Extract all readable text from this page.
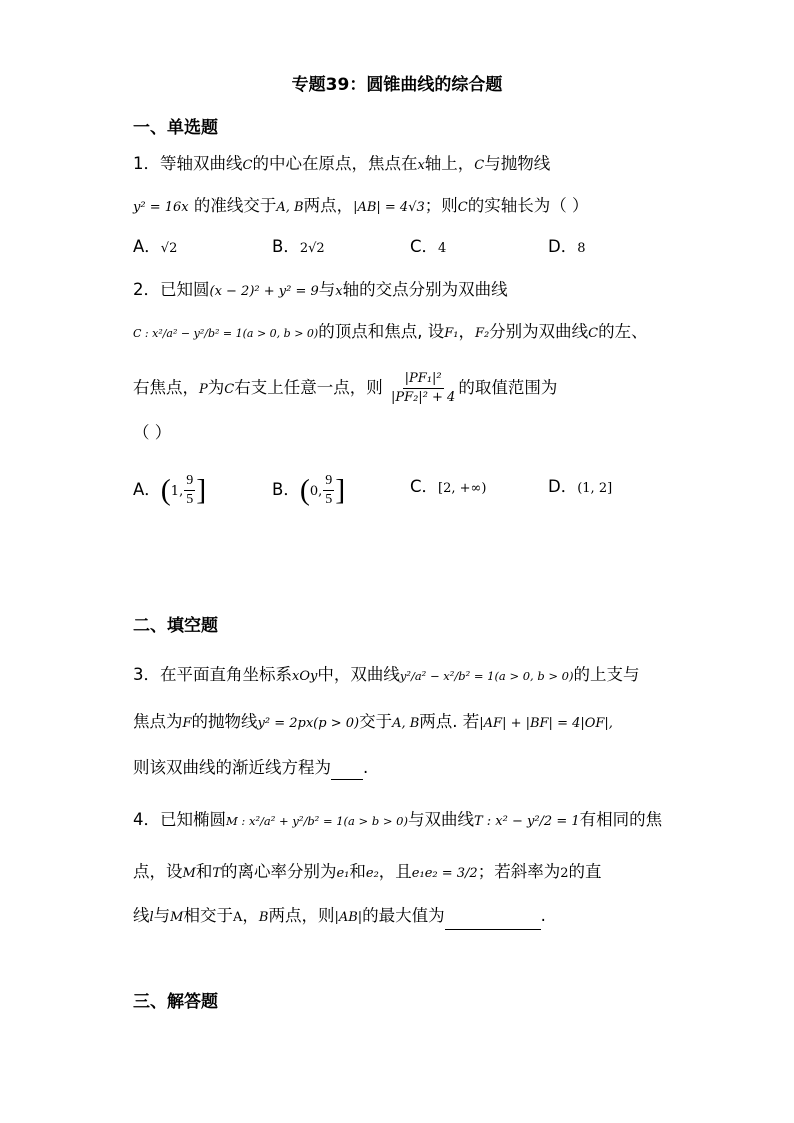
专题39：圆锥曲线的综合题
一、单选题
1．等轴双曲线C的中心在原点，焦点在x轴上，C与抛物线
y² = 16x 的准线交于A, B两点，|AB| = 4√3；则C的实轴长为（ ）
A．√2	B．2√2	C．4	D．8
2．已知圆(x − 2)² + y² = 9与x轴的交点分别为双曲线
C : x²/a² − y²/b² = 1(a > 0, b > 0)的顶点和焦点, 设F₁，F₂分别为双曲线C的左、
右焦点，P为C右支上任意一点，则 $\frac{\text{|PF₁|²}}{\text{|PF₂|² + 4}}$ 的取值范围为
（ ）
A．(1, $\frac{9}{5}$ ]	B．(0, $\frac{9}{5}$ ]	C．[2, +∞)	D．(1, 2]
二、填空题
3．在平面直角坐标系xOy中，双曲线y²/a² − x²/b² = 1(a > 0, b > 0)的上支与
焦点为F的抛物线y² = 2px(p > 0)交于A, B两点. 若|AF| + |BF| = 4|OF|,
则该双曲线的渐近线方程为 .
4．已知椭圆M : x²/a² + y²/b² = 1(a > b > 0)与双曲线T : x² − y²/2 = 1有相同的焦
点，设M和T的离心率分别为e₁和e₂，且e₁e₂ = 3/2；若斜率为2的直
线l与M相交于A，B两点，则|AB|的最大值为	.
三、解答题
